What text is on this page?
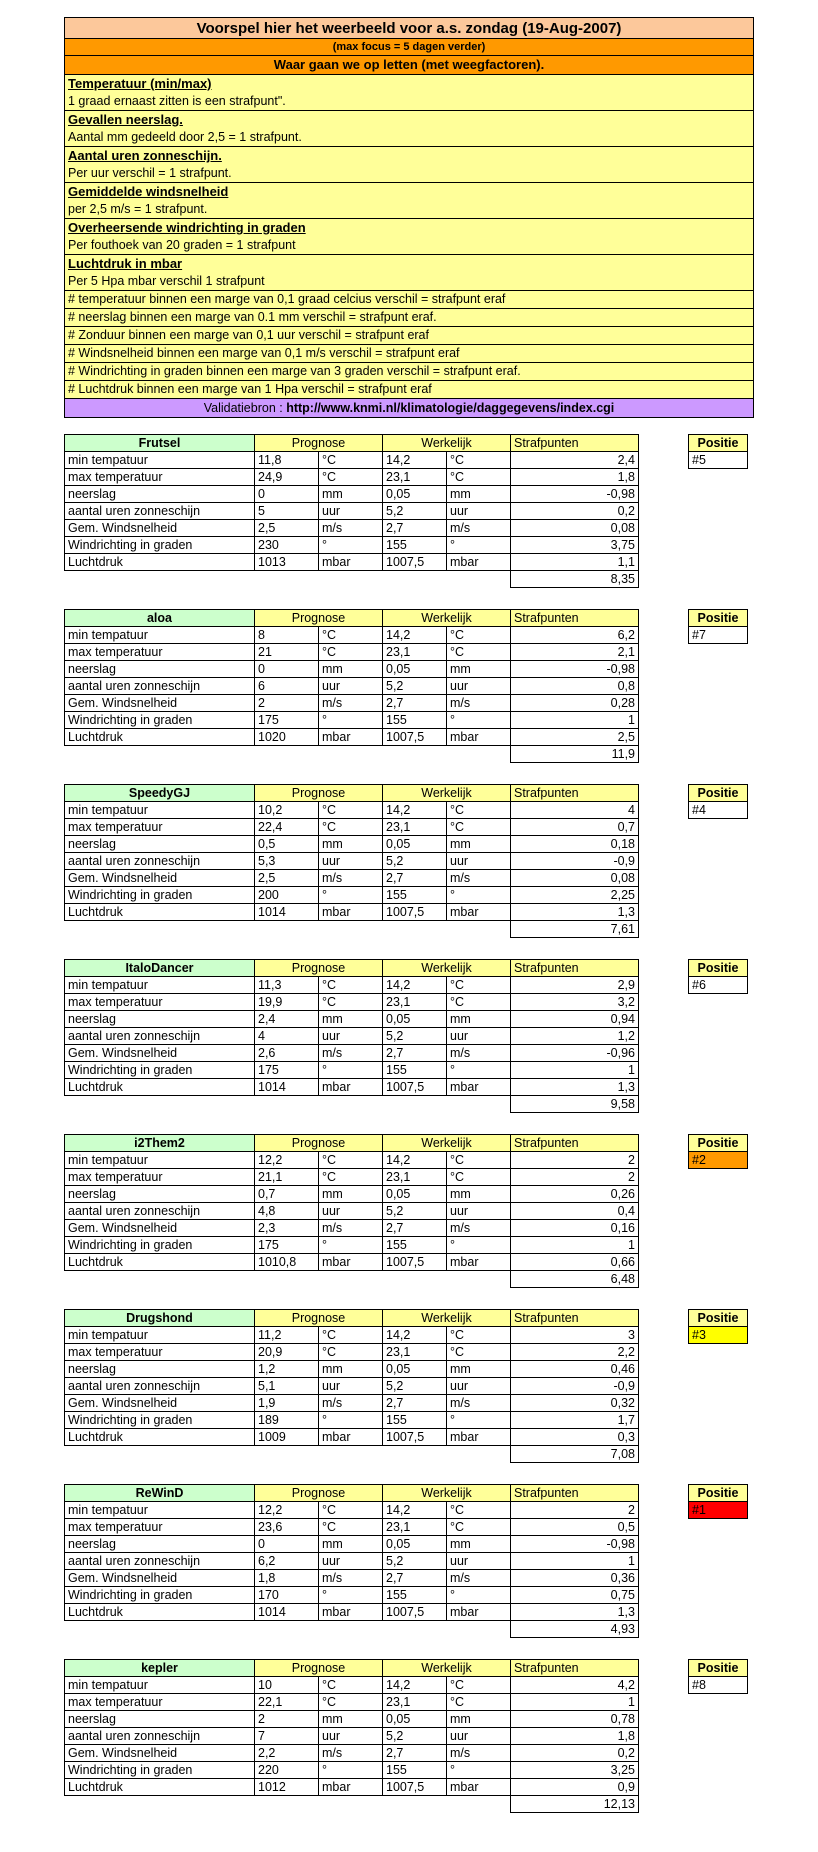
Voorspel hier het weerbeeld voor a.s. zondag (19-Aug-2007)
(max focus = 5 dagen verder)
Waar gaan we op letten (met weegfactoren).
Temperatuur (min/max)
1 graad ernaast zitten is een strafpunt".
Gevallen neerslag.
Aantal mm gedeeld door 2,5 = 1 strafpunt.
Aantal uren zonneschijn.
Per uur verschil = 1 strafpunt.
Gemiddelde windsnelheid
per 2,5 m/s = 1 strafpunt.
Overheersende windrichting in graden
Per fouthoek van 20 graden = 1 strafpunt
Luchtdruk in mbar
Per 5 Hpa mbar verschil 1 strafpunt
# temperatuur binnen een marge van 0,1 graad celcius verschil = strafpunt eraf
# neerslag binnen een marge van 0.1 mm verschil = strafpunt eraf.
# Zonduur binnen een marge van 0,1 uur verschil = strafpunt eraf
# Windsnelheid binnen een marge van 0,1 m/s verschil = strafpunt eraf
# Windrichting in graden binnen een marge van 3 graden verschil = strafpunt eraf.
# Luchtdruk binnen een marge van 1 Hpa verschil = strafpunt eraf
Validatiebron : http://www.knmi.nl/klimatologie/daggegevens/index.cgi
Frutsel	Prognose		Werkelijk		Strafpunten
min tempatuur	11,8	°C	14,2	°C	2,4
max temperatuur	24,9	°C	23,1	°C	1,8
neerslag	0	mm	0,05	mm	-0,98
aantal uren zonneschijn	5	uur	5,2	uur	0,2
Gem. Windsnelheid	2,5	m/s	2,7	m/s	0,08
Windrichting in graden	230	°	155	°	3,75
Luchtdruk	1013	mbar	1007,5	mbar	1,1
					8,35
Positie
#5
aloa	Prognose		Werkelijk		Strafpunten
min tempatuur	8	°C	14,2	°C	6,2
max temperatuur	21	°C	23,1	°C	2,1
neerslag	0	mm	0,05	mm	-0,98
aantal uren zonneschijn	6	uur	5,2	uur	0,8
Gem. Windsnelheid	2	m/s	2,7	m/s	0,28
Windrichting in graden	175	°	155	°	1
Luchtdruk	1020	mbar	1007,5	mbar	2,5
					11,9
Positie
#7
SpeedyGJ	Prognose		Werkelijk		Strafpunten
min tempatuur	10,2	°C	14,2	°C	4
max temperatuur	22,4	°C	23,1	°C	0,7
neerslag	0,5	mm	0,05	mm	0,18
aantal uren zonneschijn	5,3	uur	5,2	uur	-0,9
Gem. Windsnelheid	2,5	m/s	2,7	m/s	0,08
Windrichting in graden	200	°	155	°	2,25
Luchtdruk	1014	mbar	1007,5	mbar	1,3
					7,61
Positie
#4
ItaloDancer	Prognose		Werkelijk		Strafpunten
min tempatuur	11,3	°C	14,2	°C	2,9
max temperatuur	19,9	°C	23,1	°C	3,2
neerslag	2,4	mm	0,05	mm	0,94
aantal uren zonneschijn	4	uur	5,2	uur	1,2
Gem. Windsnelheid	2,6	m/s	2,7	m/s	-0,96
Windrichting in graden	175	°	155	°	1
Luchtdruk	1014	mbar	1007,5	mbar	1,3
					9,58
Positie
#6
i2Them2	Prognose		Werkelijk		Strafpunten
min tempatuur	12,2	°C	14,2	°C	2
max temperatuur	21,1	°C	23,1	°C	2
neerslag	0,7	mm	0,05	mm	0,26
aantal uren zonneschijn	4,8	uur	5,2	uur	0,4
Gem. Windsnelheid	2,3	m/s	2,7	m/s	0,16
Windrichting in graden	175	°	155	°	1
Luchtdruk	1010,8	mbar	1007,5	mbar	0,66
					6,48
Positie
#2
Drugshond	Prognose		Werkelijk		Strafpunten
min tempatuur	11,2	°C	14,2	°C	3
max temperatuur	20,9	°C	23,1	°C	2,2
neerslag	1,2	mm	0,05	mm	0,46
aantal uren zonneschijn	5,1	uur	5,2	uur	-0,9
Gem. Windsnelheid	1,9	m/s	2,7	m/s	0,32
Windrichting in graden	189	°	155	°	1,7
Luchtdruk	1009	mbar	1007,5	mbar	0,3
					7,08
Positie
#3
ReWinD	Prognose		Werkelijk		Strafpunten
min tempatuur	12,2	°C	14,2	°C	2
max temperatuur	23,6	°C	23,1	°C	0,5
neerslag	0	mm	0,05	mm	-0,98
aantal uren zonneschijn	6,2	uur	5,2	uur	1
Gem. Windsnelheid	1,8	m/s	2,7	m/s	0,36
Windrichting in graden	170	°	155	°	0,75
Luchtdruk	1014	mbar	1007,5	mbar	1,3
					4,93
Positie
#1
kepler	Prognose		Werkelijk		Strafpunten
min tempatuur	10	°C	14,2	°C	4,2
max temperatuur	22,1	°C	23,1	°C	1
neerslag	2	mm	0,05	mm	0,78
aantal uren zonneschijn	7	uur	5,2	uur	1,8
Gem. Windsnelheid	2,2	m/s	2,7	m/s	0,2
Windrichting in graden	220	°	155	°	3,25
Luchtdruk	1012	mbar	1007,5	mbar	0,9
					12,13
Positie
#8
